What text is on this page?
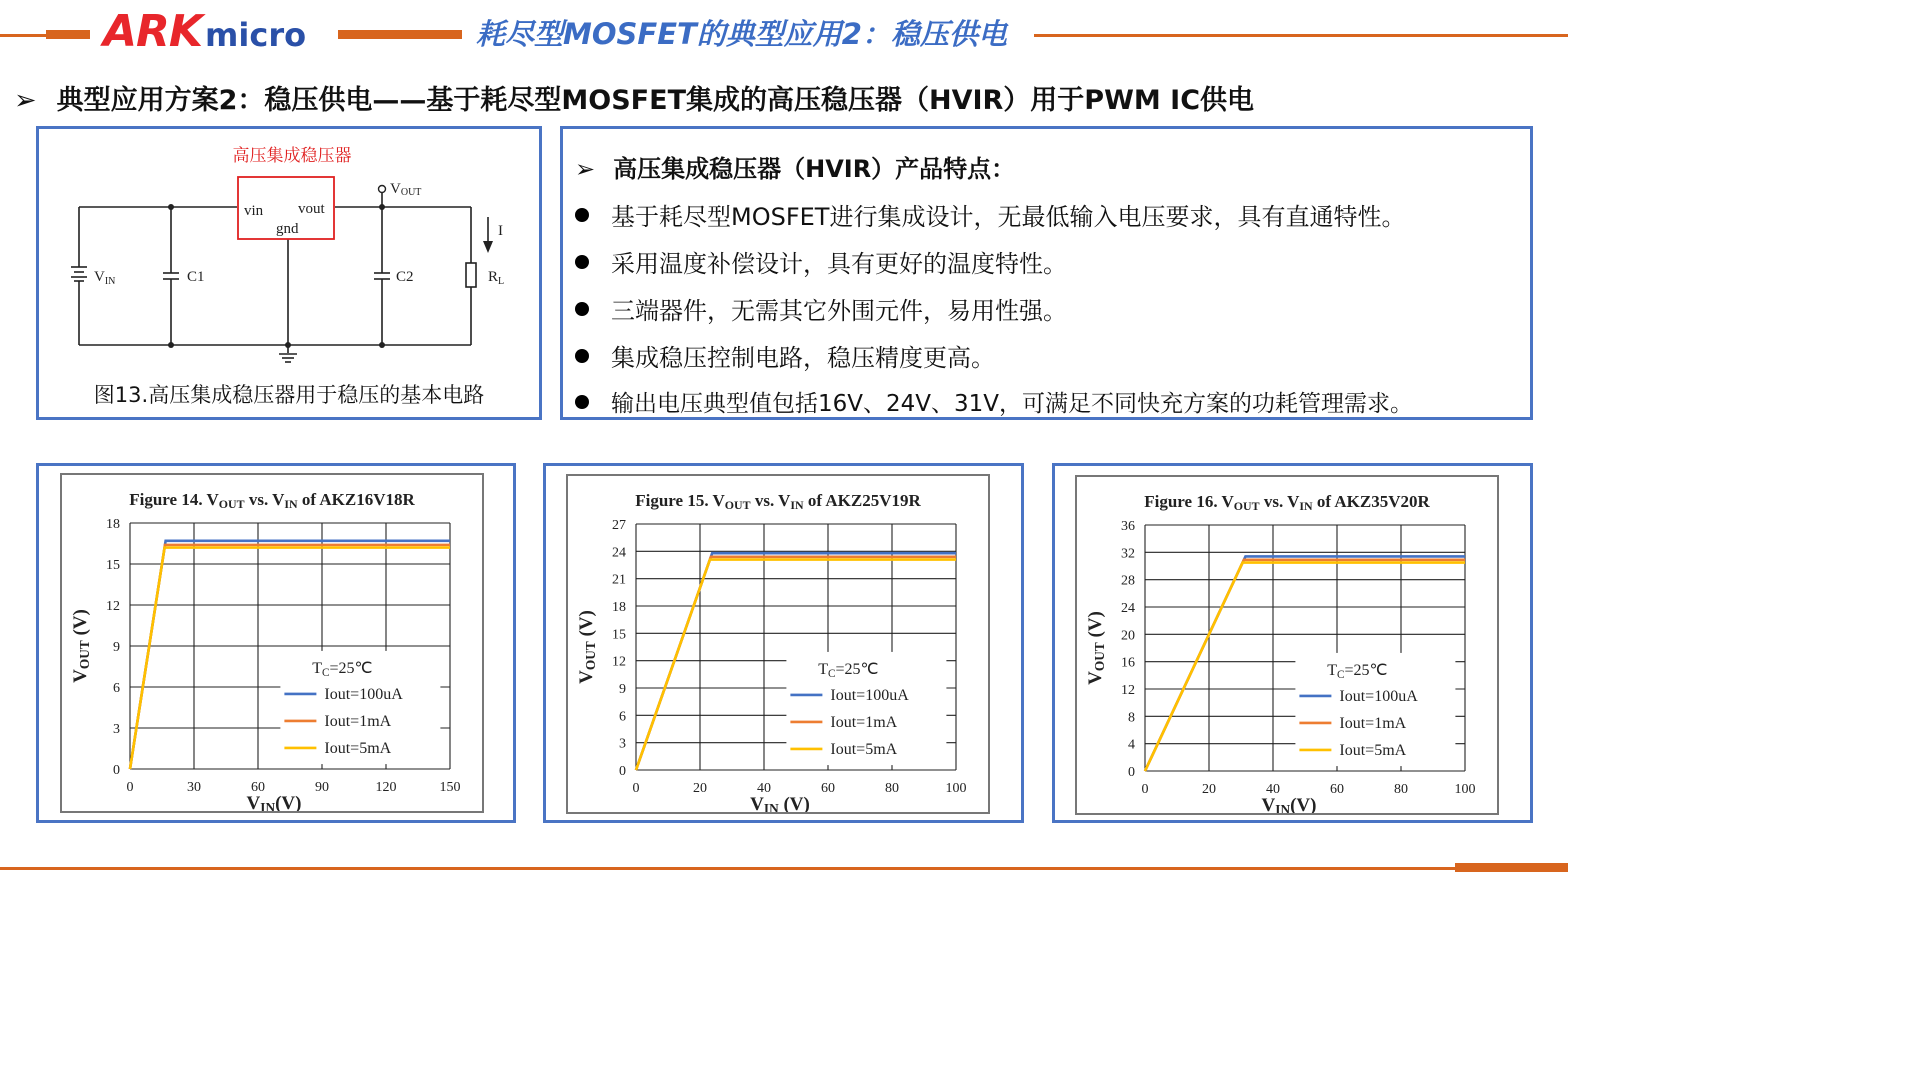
ARK micro	耗尽型MOSFET的典型应用2：稳压供电
➢ 典型应用方案2：稳压供电——基于耗尽型MOSFET集成的高压稳压器（HVIR）用于PWM IC供电
高压集成稳压器
vin vout
gnd
$V_{IN}$	C1	C2
VOUT
I
$R_L$
图13.高压集成稳压器用于稳压的基本电路
➢ 高压集成稳压器（HVIR）产品特点：
基于耗尽型MOSFET进行集成设计，无最低输入电压要求，具有直通特性。
采用温度补偿设计，具有更好的温度特性。
三端器件，无需其它外围元件，易用性强。
集成稳压控制电路，稳压精度更高。
输出电压典型值包括16V、24V、31V，可满足不同快充方案的功耗管理需求。
Figure 14. VOUT vs. VIN of AKZ16V18R
0	30	60	90	120	150
0
3
6
9
12
15
18
VIN(V)
VOUT (V)
TC=25℃
Iout=100uA
Iout=1mA
Iout=5mA
Figure 15. VOUT vs. VIN of AKZ25V19R
0	20	40	60	80	100
0
3
6
9
12
15
18
21
24
27
VIN (V)
VOUT (V)
TC=25℃
Iout=100uA
Iout=1mA
Iout=5mA
Figure 16. VOUT vs. VIN of AKZ35V20R
0	20	40	60	80	100
0
4
8
12
16
20
24
28
32
36
VIN(V)
VOUT (V)
TC=25℃
Iout=100uA
Iout=1mA
Iout=5mA
